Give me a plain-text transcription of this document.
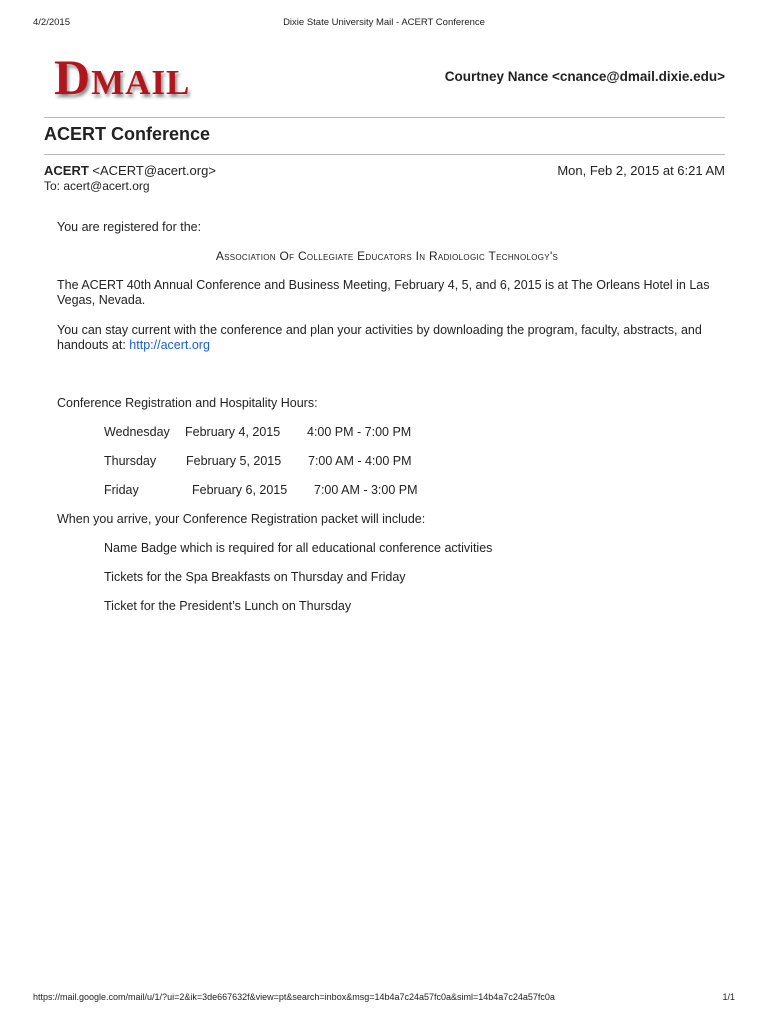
4/2/2015	Dixie State University Mail - ACERT Conference
DMAIL	Courtney Nance <cnance@dmail.dixie.edu>
ACERT Conference
ACERT <ACERT@acert.org>	Mon, Feb 2, 2015 at 6:21 AM
To: acert@acert.org
You are registered for the:
Association Of Collegiate Educators In Radiologic Technology's
The ACERT 40th Annual Conference and Business Meeting, February 4, 5, and 6, 2015 is at The Orleans Hotel in Las Vegas, Nevada.
You can stay current with the conference and plan your activities by downloading the program, faculty, abstracts, and handouts at: http://acert.org
Conference Registration and Hospitality Hours:
Wednesday February 4, 2015 4:00 PM - 7:00 PM
Thursday February 5, 2015 7:00 AM - 4:00 PM
Friday	February 6, 2015 7:00 AM - 3:00 PM
When you arrive, your Conference Registration packet will include:
Name Badge which is required for all educational conference activities
Tickets for the Spa Breakfasts on Thursday and Friday
Ticket for the President’s Lunch on Thursday
https://mail.google.com/mail/u/1/?ui=2&ik=3de667632f&view=pt&search=inbox&msg=14b4a7c24a57fc0a&siml=14b4a7c24a57fc0a	1/1
